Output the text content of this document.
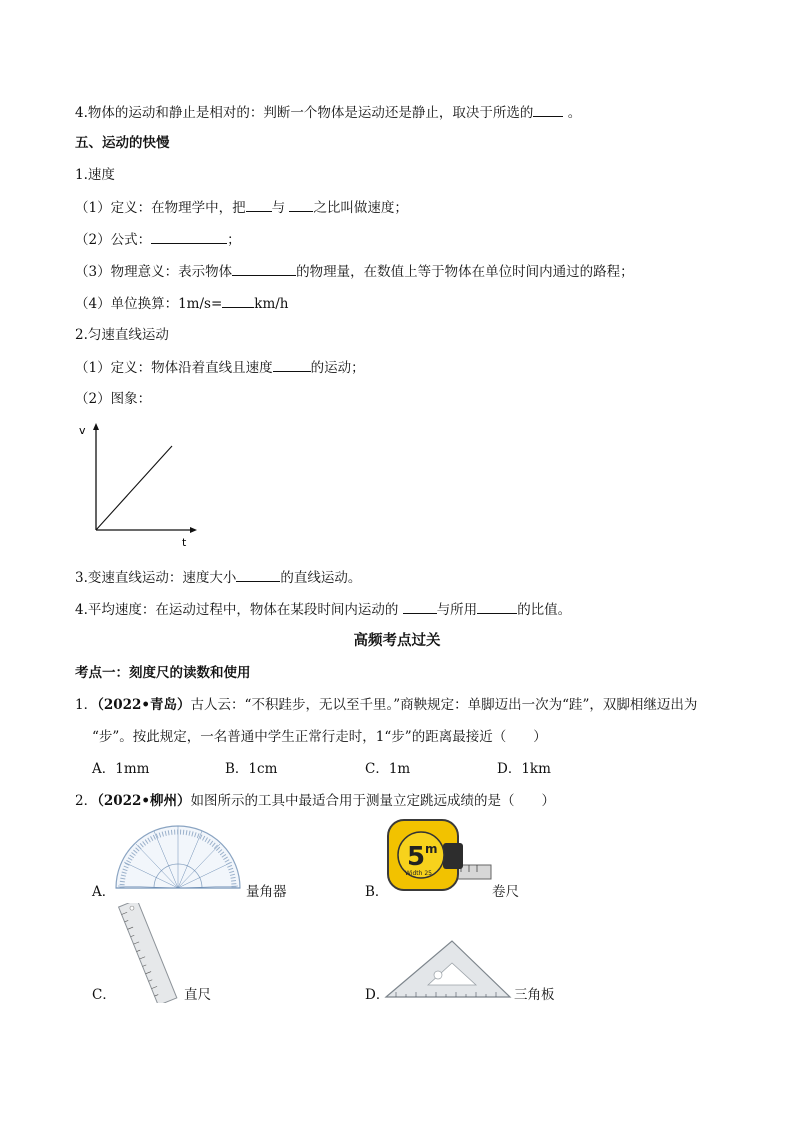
4.物体的运动和静止是相对的：判断一个物体是运动还是静止，取决于所选的	。
五、运动的快慢
1.速度
（1）定义：在物理学中，把 与 之比叫做速度；
（2）公式：	；
（3）物理意义：表示物体	的物理量，在数值上等于物体在单位时间内通过的路程；
（4）单位换算：1m/s= km/h
2.匀速直线运动
（1）定义：物体沿着直线且速度	的运动；
（2）图象：
v
t
3.变速直线运动：速度大小	的直线运动。
4.平均速度：在运动过程中，物体在某段时间内运动的	与所用	的比值。
高频考点过关
考点一：刻度尺的读数和使用
1．（2022•青岛）古人云：“不积跬步，无以至千里。”商鞅规定：单脚迈出一次为“跬”，双脚相继迈出为
“步”。按此规定，一名普通中学生正常行走时，1“步”的距离最接近（　　）
A．1mm	B．1cm	C．1m	D．1km
2．（2022•柳州）如图所示的工具中最适合用于测量立定跳远成绩的是（　　）
A．	量角器	B．
5 m
Width 25
卷尺
C．	直尺	D．	三角板
